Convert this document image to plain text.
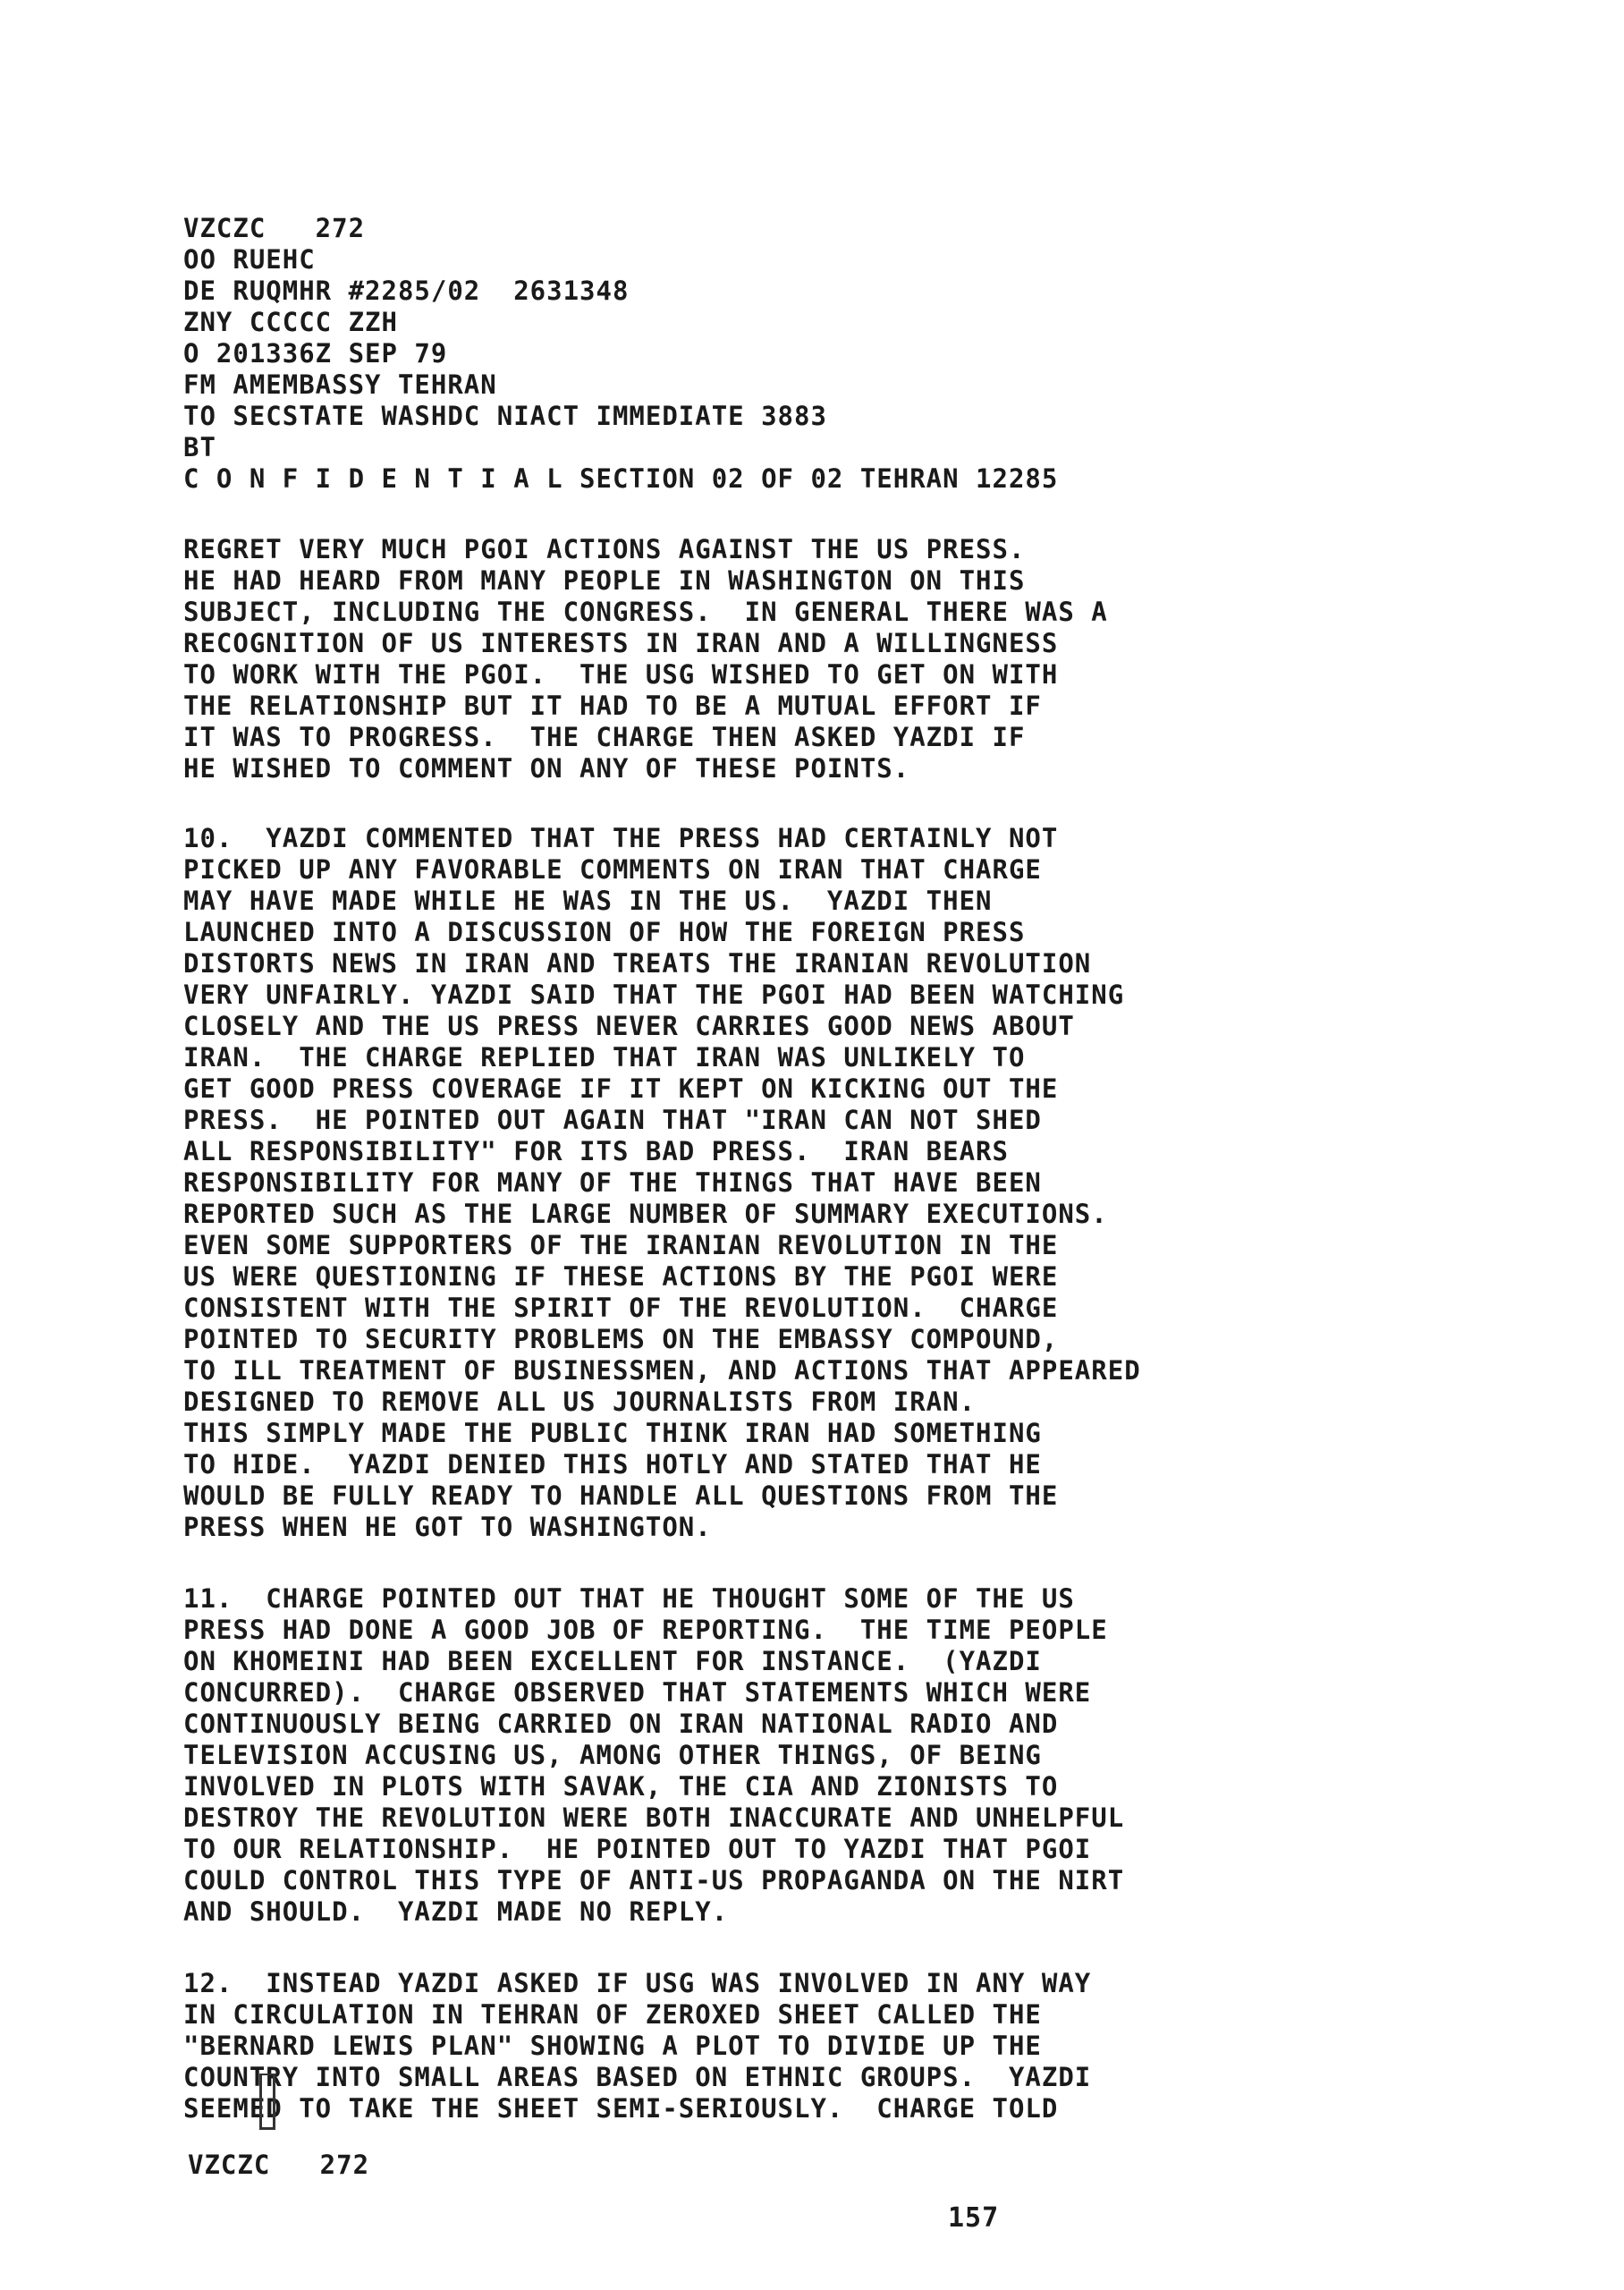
VZCZC   272
OO RUEHC
DE RUQMHR #2285/02  2631348
ZNY CCCCC ZZH
O 201336Z SEP 79
FM AMEMBASSY TEHRAN
TO SECSTATE WASHDC NIACT IMMEDIATE 3883
BT
C O N F I D E N T I A L SECTION 02 OF 02 TEHRAN 12285
REGRET VERY MUCH PGOI ACTIONS AGAINST THE US PRESS.
HE HAD HEARD FROM MANY PEOPLE IN WASHINGTON ON THIS
SUBJECT, INCLUDING THE CONGRESS.  IN GENERAL THERE WAS A
RECOGNITION OF US INTERESTS IN IRAN AND A WILLINGNESS
TO WORK WITH THE PGOI.  THE USG WISHED TO GET ON WITH
THE RELATIONSHIP BUT IT HAD TO BE A MUTUAL EFFORT IF
IT WAS TO PROGRESS.  THE CHARGE THEN ASKED YAZDI IF
HE WISHED TO COMMENT ON ANY OF THESE POINTS.
10.  YAZDI COMMENTED THAT THE PRESS HAD CERTAINLY NOT
PICKED UP ANY FAVORABLE COMMENTS ON IRAN THAT CHARGE
MAY HAVE MADE WHILE HE WAS IN THE US.  YAZDI THEN
LAUNCHED INTO A DISCUSSION OF HOW THE FOREIGN PRESS
DISTORTS NEWS IN IRAN AND TREATS THE IRANIAN REVOLUTION
VERY UNFAIRLY. YAZDI SAID THAT THE PGOI HAD BEEN WATCHING
CLOSELY AND THE US PRESS NEVER CARRIES GOOD NEWS ABOUT
IRAN.  THE CHARGE REPLIED THAT IRAN WAS UNLIKELY TO
GET GOOD PRESS COVERAGE IF IT KEPT ON KICKING OUT THE
PRESS.  HE POINTED OUT AGAIN THAT "IRAN CAN NOT SHED
ALL RESPONSIBILITY" FOR ITS BAD PRESS.  IRAN BEARS
RESPONSIBILITY FOR MANY OF THE THINGS THAT HAVE BEEN
REPORTED SUCH AS THE LARGE NUMBER OF SUMMARY EXECUTIONS.
EVEN SOME SUPPORTERS OF THE IRANIAN REVOLUTION IN THE
US WERE QUESTIONING IF THESE ACTIONS BY THE PGOI WERE
CONSISTENT WITH THE SPIRIT OF THE REVOLUTION.  CHARGE
POINTED TO SECURITY PROBLEMS ON THE EMBASSY COMPOUND,
TO ILL TREATMENT OF BUSINESSMEN, AND ACTIONS THAT APPEARED
DESIGNED TO REMOVE ALL US JOURNALISTS FROM IRAN.
THIS SIMPLY MADE THE PUBLIC THINK IRAN HAD SOMETHING
TO HIDE.  YAZDI DENIED THIS HOTLY AND STATED THAT HE
WOULD BE FULLY READY TO HANDLE ALL QUESTIONS FROM THE
PRESS WHEN HE GOT TO WASHINGTON.
11.  CHARGE POINTED OUT THAT HE THOUGHT SOME OF THE US
PRESS HAD DONE A GOOD JOB OF REPORTING.  THE TIME PEOPLE
ON KHOMEINI HAD BEEN EXCELLENT FOR INSTANCE.  (YAZDI
CONCURRED).  CHARGE OBSERVED THAT STATEMENTS WHICH WERE
CONTINUOUSLY BEING CARRIED ON IRAN NATIONAL RADIO AND
TELEVISION ACCUSING US, AMONG OTHER THINGS, OF BEING
INVOLVED IN PLOTS WITH SAVAK, THE CIA AND ZIONISTS TO
DESTROY THE REVOLUTION WERE BOTH INACCURATE AND UNHELPFUL
TO OUR RELATIONSHIP.  HE POINTED OUT TO YAZDI THAT PGOI
COULD CONTROL THIS TYPE OF ANTI-US PROPAGANDA ON THE NIRT
AND SHOULD.  YAZDI MADE NO REPLY.
12.  INSTEAD YAZDI ASKED IF USG WAS INVOLVED IN ANY WAY
IN CIRCULATION IN TEHRAN OF ZEROXED SHEET CALLED THE
"BERNARD LEWIS PLAN" SHOWING A PLOT TO DIVIDE UP THE
COUNTRY INTO SMALL AREAS BASED ON ETHNIC GROUPS.  YAZDI
SEEMED TO TAKE THE SHEET SEMI-SERIOUSLY.  CHARGE TOLD
VZCZC   272
157
